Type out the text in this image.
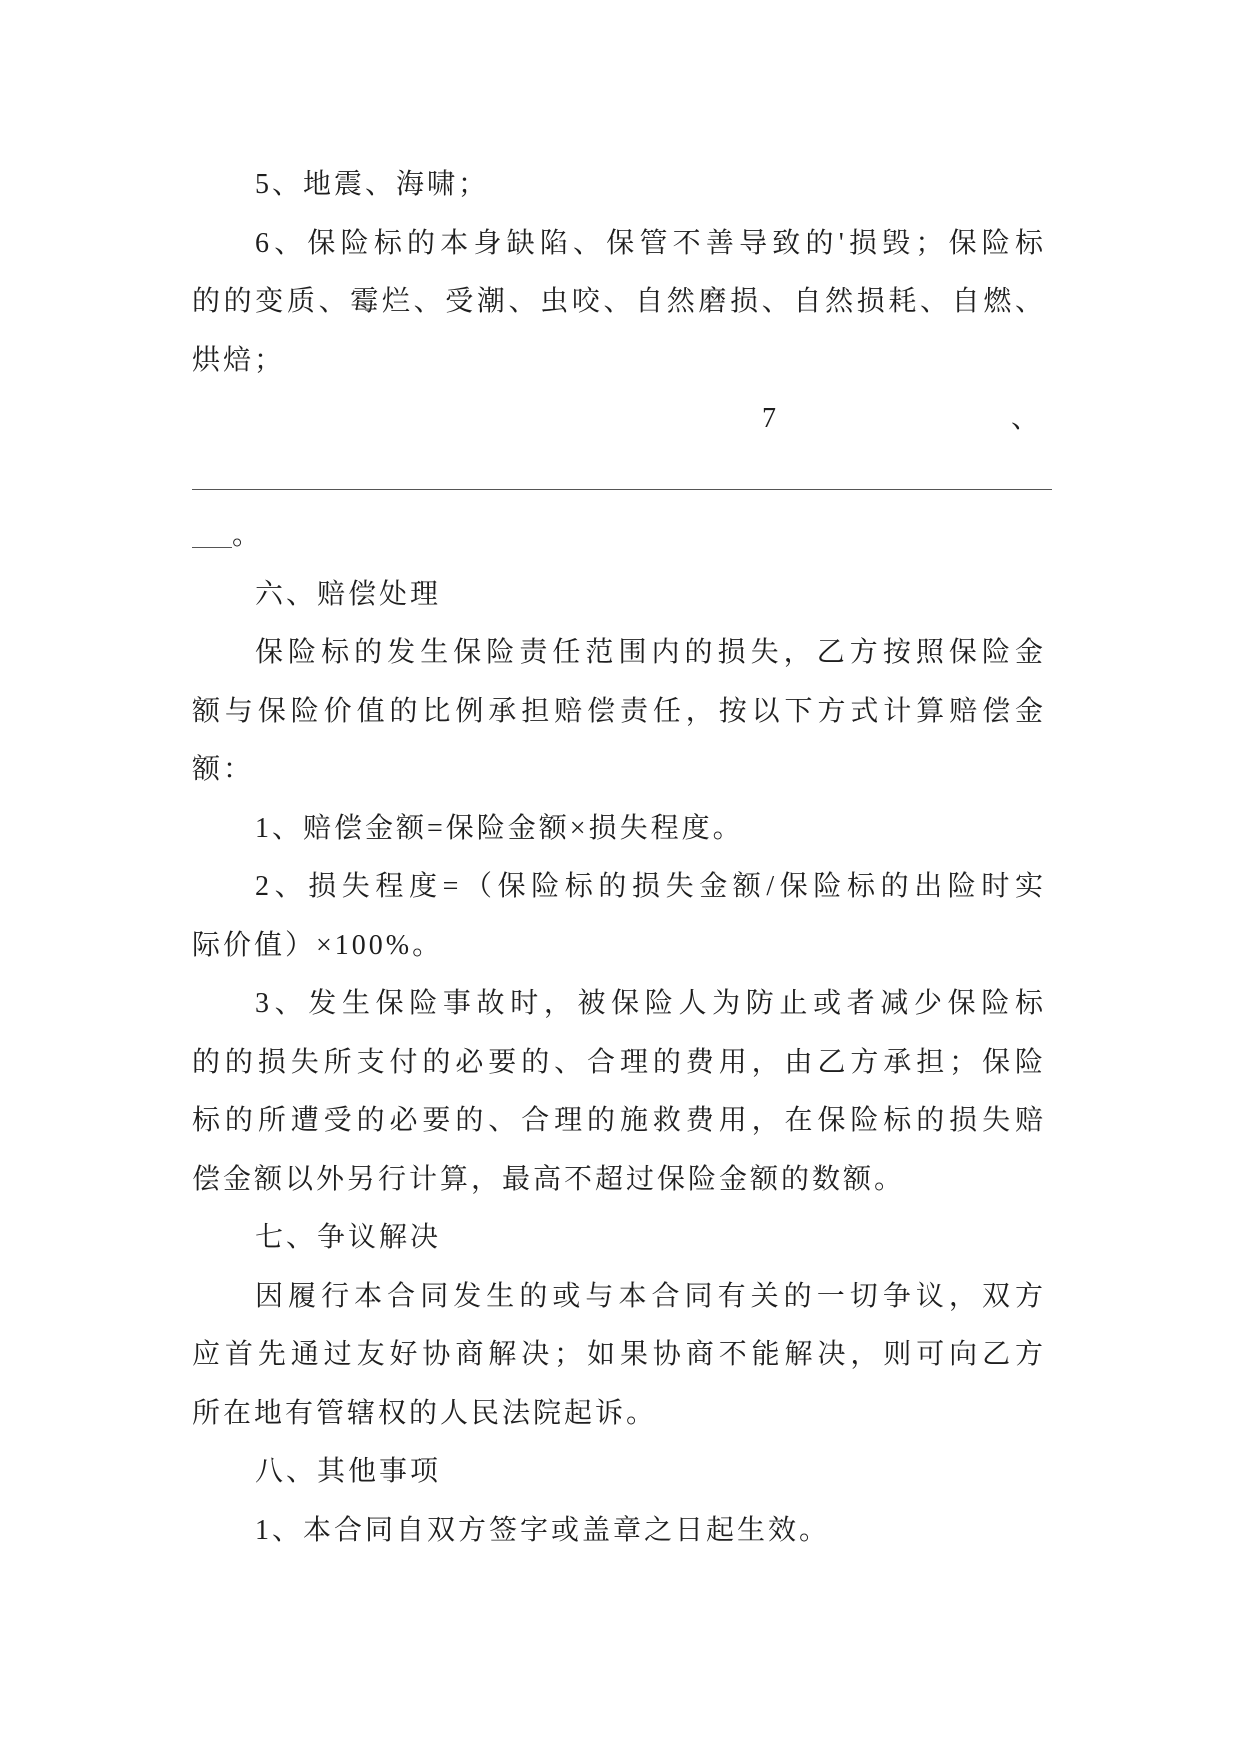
5、地震、海啸；
6、保险标的本身缺陷、保管不善导致的'损毁；保险标
的的变质、霉烂、受潮、虫咬、自然磨损、自然损耗、自燃、
烘焙；
7	、
。
六、赔偿处理
保险标的发生保险责任范围内的损失，乙方按照保险金
额与保险价值的比例承担赔偿责任，按以下方式计算赔偿金
额：
1、赔偿金额=保险金额×损失程度。
2、损失程度=（保险标的损失金额/保险标的出险时实
际价值）×100%。
3、发生保险事故时，被保险人为防止或者减少保险标
的的损失所支付的必要的、合理的费用，由乙方承担；保险
标的所遭受的必要的、合理的施救费用，在保险标的损失赔
偿金额以外另行计算，最高不超过保险金额的数额。
七、争议解决
因履行本合同发生的或与本合同有关的一切争议，双方
应首先通过友好协商解决；如果协商不能解决，则可向乙方
所在地有管辖权的人民法院起诉。
八、其他事项
1、本合同自双方签字或盖章之日起生效。
